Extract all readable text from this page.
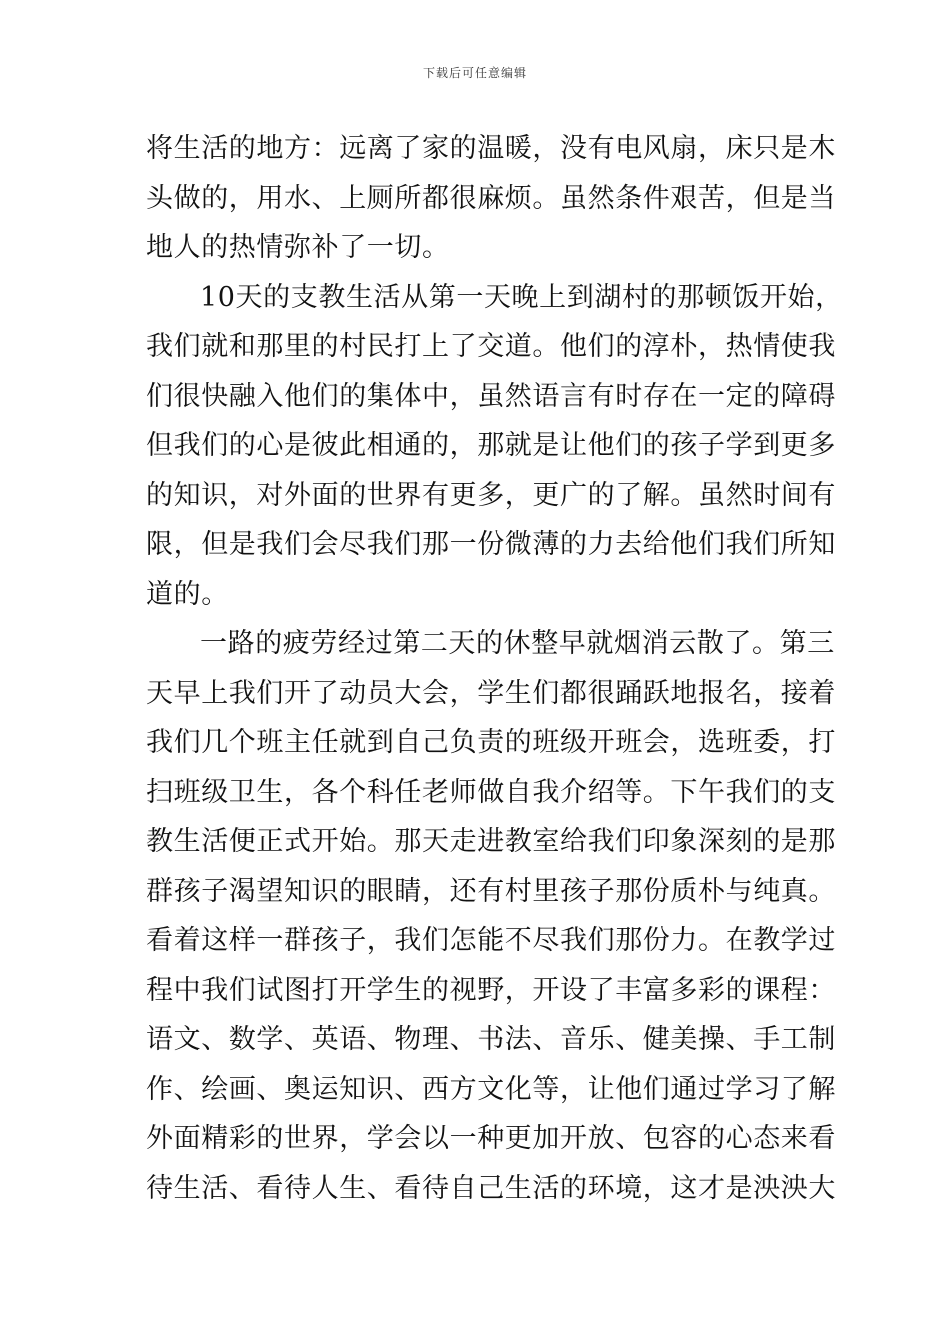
下载后可任意编辑
将生活的地方：远离了家的温暖，没有电风扇，床只是木
头做的，用水、上厕所都很麻烦。虽然条件艰苦，但是当
地人的热情弥补了一切。
10天的支教生活从第一天晚上到湖村的那顿饭开始，
我们就和那里的村民打上了交道。他们的淳朴，热情使我
们很快融入他们的集体中，虽然语言有时存在一定的障碍
但我们的心是彼此相通的，那就是让他们的孩子学到更多
的知识，对外面的世界有更多，更广的了解。虽然时间有
限，但是我们会尽我们那一份微薄的力去给他们我们所知
道的。
一路的疲劳经过第二天的休整早就烟消云散了。第三
天早上我们开了动员大会，学生们都很踊跃地报名，接着
我们几个班主任就到自己负责的班级开班会，选班委，打
扫班级卫生，各个科任老师做自我介绍等。下午我们的支
教生活便正式开始。那天走进教室给我们印象深刻的是那
群孩子渴望知识的眼睛，还有村里孩子那份质朴与纯真。
看着这样一群孩子，我们怎能不尽我们那份力。在教学过
程中我们试图打开学生的视野，开设了丰富多彩的课程：
语文、数学、英语、物理、书法、音乐、健美操、手工制
作、绘画、奥运知识、西方文化等，让他们通过学习了解
外面精彩的世界，学会以一种更加开放、包容的心态来看
待生活、看待人生、看待自己生活的环境，这才是泱泱大
